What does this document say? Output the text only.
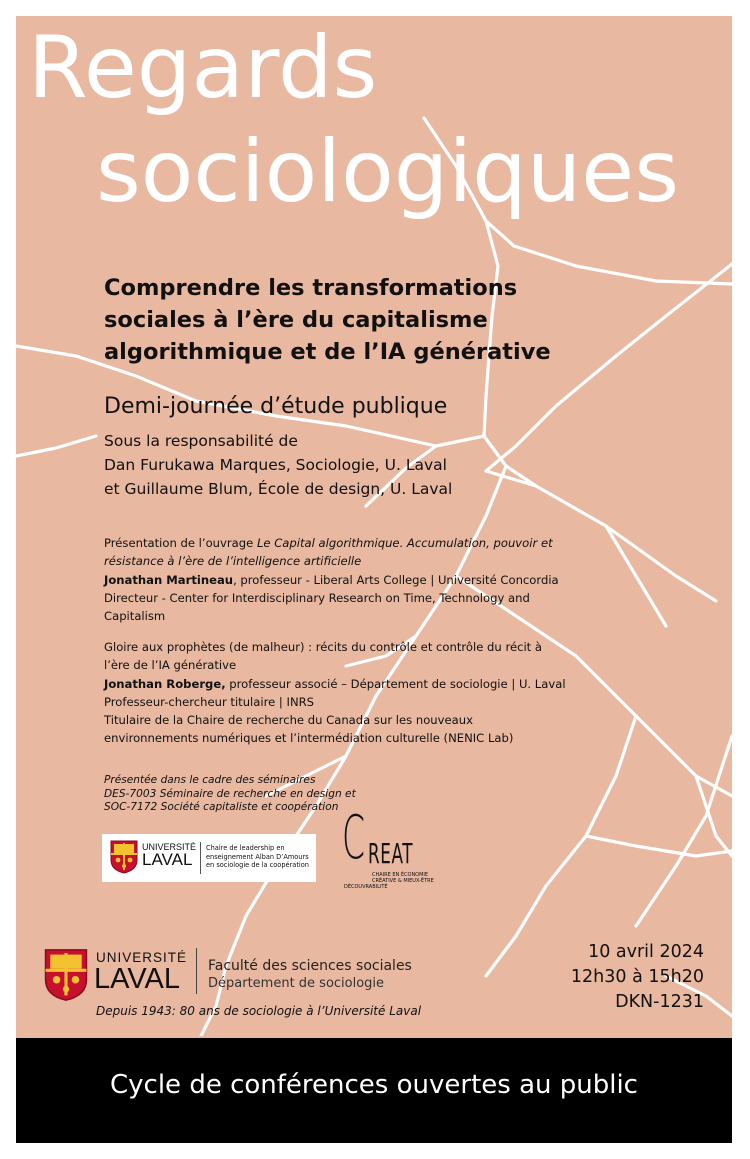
Regards
sociologiques
Comprendre les transformations
sociales à l’ère du capitalisme
algorithmique et de l’IA générative
Demi-journée d’étude publique
Sous la responsabilité de
Dan Furukawa Marques, Sociologie, U. Laval
et Guillaume Blum, École de design, U. Laval
Présentation de l’ouvrage Le Capital algorithmique. Accumulation, pouvoir et
résistance à l’ère de l’intelligence artificielle
Jonathan Martineau, professeur - Liberal Arts College | Université Concordia
Directeur - Center for Interdisciplinary Research on Time, Technology and
Capitalism
Gloire aux prophètes (de malheur) : récits du contrôle et contrôle du récit à
l’ère de l’IA générative
Jonathan Roberge, professeur associé – Département de sociologie | U. Laval
Professeur-chercheur titulaire | INRS
Titulaire de la Chaire de recherche du Canada sur les nouveaux
environnements numériques et l’intermédiation culturelle (NENIC Lab)
Présentée dans le cadre des séminaires
DES-7003 Séminaire de recherche en design et
SOC-7172 Société capitaliste et coopération
UNIVERSITÉ
LAVAL
Chaire de leadership en
enseignement Alban D’Amours
en sociologie de la coopération C REAT
CHAIRE EN ÉCONOMIE
CRÉATIVE & MIEUX-ÊTRE
DÉCOUVRABILITÉ
UNIVERSITÉ
LAVAL Faculté des sciences sociales
Département de sociologie
Depuis 1943: 80 ans de sociologie à l’Université Laval
10 avril 2024
12h30 à 15h20
DKN-1231
Cycle de conférences ouvertes au public
